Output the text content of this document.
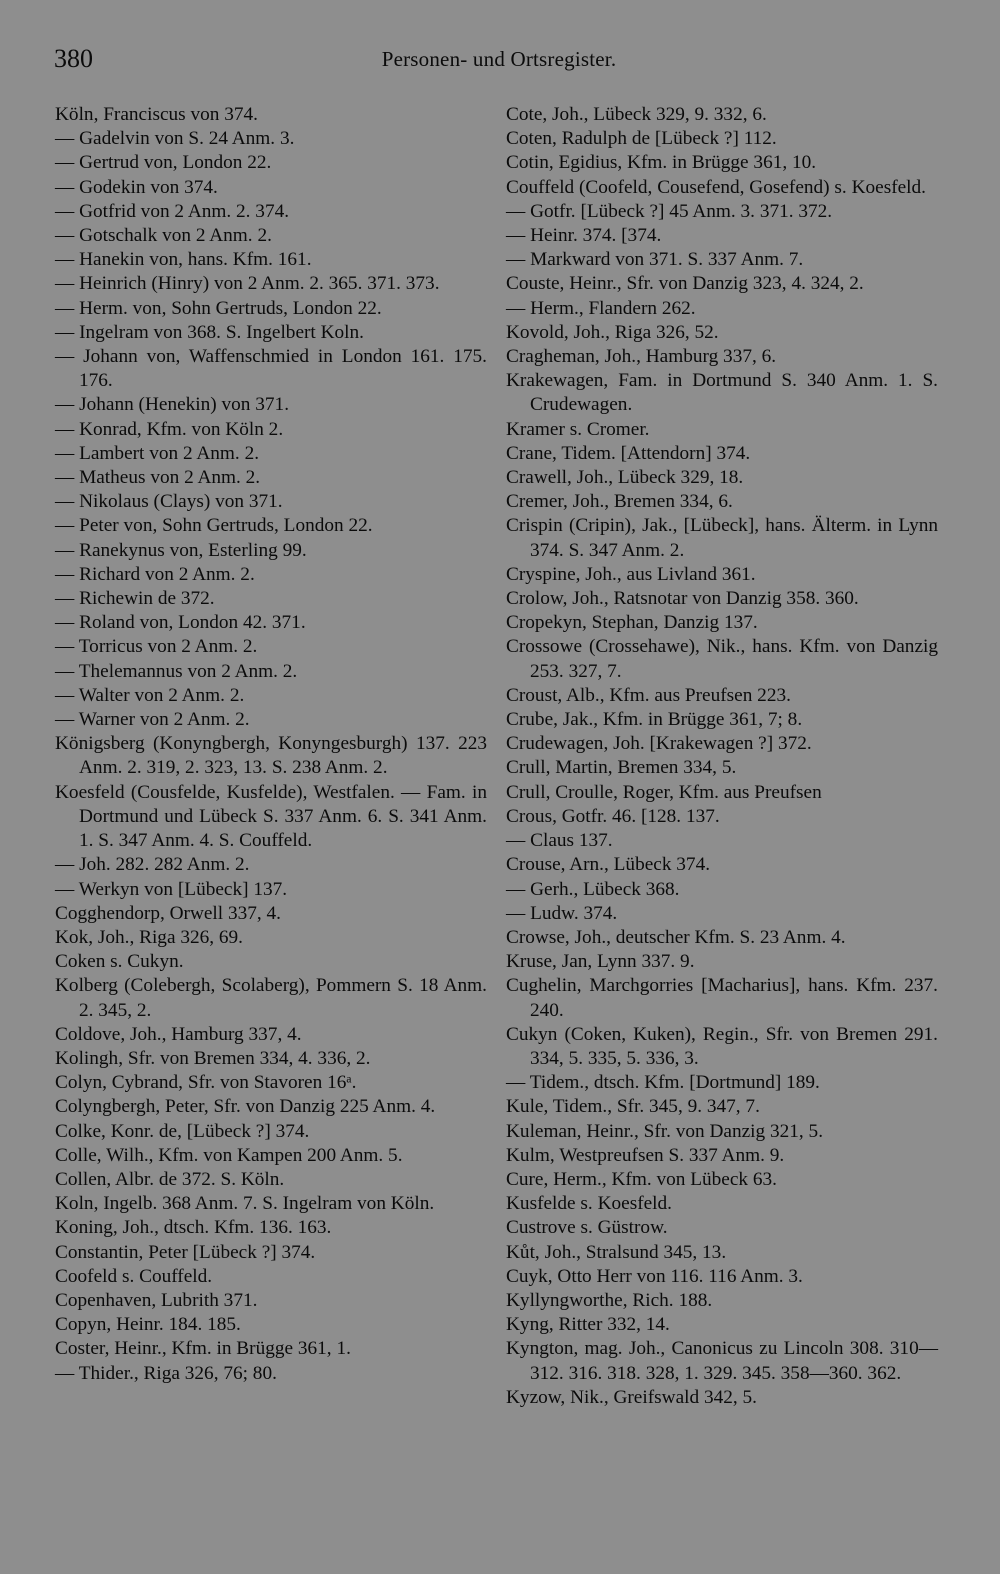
380	Personen- und Ortsregister.
Köln, Franciscus von 374.
— Gadelvin von S. 24 Anm. 3.
— Gertrud von, London 22.
— Godekin von 374.
— Gotfrid von 2 Anm. 2. 374.
— Gotschalk von 2 Anm. 2.
— Hanekin von, hans. Kfm. 161.
— Heinrich (Hinry) von 2 Anm. 2. 365. 371. 373.
— Herm. von, Sohn Gertruds, London 22.
— Ingelram von 368. S. Ingelbert Koln.
— Johann von, Waffenschmied in London 161. 175. 176.
— Johann (Henekin) von 371.
— Konrad, Kfm. von Köln 2.
— Lambert von 2 Anm. 2.
— Matheus von 2 Anm. 2.
— Nikolaus (Clays) von 371.
— Peter von, Sohn Gertruds, London 22.
— Ranekynus von, Esterling 99.
— Richard von 2 Anm. 2.
— Richewin de 372.
— Roland von, London 42. 371.
— Torricus von 2 Anm. 2.
— Thelemannus von 2 Anm. 2.
— Walter von 2 Anm. 2.
— Warner von 2 Anm. 2.
Königsberg (Konyngbergh, Konyngesburgh) 137. 223 Anm. 2. 319, 2. 323, 13. S. 238 Anm. 2.
Koesfeld (Cousfelde, Kusfelde), Westfalen. — Fam. in Dortmund und Lübeck S. 337 Anm. 6. S. 341 Anm. 1. S. 347 Anm. 4. S. Couffeld.
— Joh. 282. 282 Anm. 2.
— Werkyn von [Lübeck] 137.
Cogghendorp, Orwell 337, 4.
Kok, Joh., Riga 326, 69.
Coken s. Cukyn.
Kolberg (Colebergh, Scolaberg), Pommern S. 18 Anm. 2. 345, 2.
Coldove, Joh., Hamburg 337, 4.
Kolingh, Sfr. von Bremen 334, 4. 336, 2.
Colyn, Cybrand, Sfr. von Stavoren 16ᵃ.
Colyngbergh, Peter, Sfr. von Danzig 225 Anm. 4.
Colke, Konr. de, [Lübeck ?] 374.
Colle, Wilh., Kfm. von Kampen 200 Anm. 5.
Collen, Albr. de 372. S. Köln.
Koln, Ingelb. 368 Anm. 7. S. Ingelram von Köln.
Koning, Joh., dtsch. Kfm. 136. 163.
Constantin, Peter [Lübeck ?] 374.
Coofeld s. Couffeld.
Copenhaven, Lubrith 371.
Copyn, Heinr. 184. 185.
Coster, Heinr., Kfm. in Brügge 361, 1.
— Thider., Riga 326, 76; 80.
Cote, Joh., Lübeck 329, 9. 332, 6.
Coten, Radulph de [Lübeck ?] 112.
Cotin, Egidius, Kfm. in Brügge 361, 10.
Couffeld (Coofeld, Cousefend, Gosefend) s. Koesfeld.
— Gotfr. [Lübeck ?] 45 Anm. 3. 371. 372.
— Heinr. 374. [374.
— Markward von 371. S. 337 Anm. 7.
Couste, Heinr., Sfr. von Danzig 323, 4. 324, 2.
— Herm., Flandern 262.
Kovold, Joh., Riga 326, 52.
Cragheman, Joh., Hamburg 337, 6.
Krakewagen, Fam. in Dortmund S. 340 Anm. 1. S. Crudewagen.
Kramer s. Cromer.
Crane, Tidem. [Attendorn] 374.
Crawell, Joh., Lübeck 329, 18.
Cremer, Joh., Bremen 334, 6.
Crispin (Cripin), Jak., [Lübeck], hans. Älterm. in Lynn 374. S. 347 Anm. 2.
Cryspine, Joh., aus Livland 361.
Crolow, Joh., Ratsnotar von Danzig 358. 360.
Cropekyn, Stephan, Danzig 137.
Crossowe (Crossehawe), Nik., hans. Kfm. von Danzig 253. 327, 7.
Croust, Alb., Kfm. aus Preufsen 223.
Crube, Jak., Kfm. in Brügge 361, 7; 8.
Crudewagen, Joh. [Krakewagen ?] 372.
Crull, Martin, Bremen 334, 5.
Crull, Croulle, Roger, Kfm. aus Preufsen
Crous, Gotfr. 46. [128. 137.
— Claus 137.
Crouse, Arn., Lübeck 374.
— Gerh., Lübeck 368.
— Ludw. 374.
Crowse, Joh., deutscher Kfm. S. 23 Anm. 4.
Kruse, Jan, Lynn 337. 9.
Cughelin, Marchgorries [Macharius], hans. Kfm. 237. 240.
Cukyn (Coken, Kuken), Regin., Sfr. von Bremen 291. 334, 5. 335, 5. 336, 3.
— Tidem., dtsch. Kfm. [Dortmund] 189.
Kule, Tidem., Sfr. 345, 9. 347, 7.
Kuleman, Heinr., Sfr. von Danzig 321, 5.
Kulm, Westpreufsen S. 337 Anm. 9.
Cure, Herm., Kfm. von Lübeck 63.
Kusfelde s. Koesfeld.
Custrove s. Güstrow.
Kůt, Joh., Stralsund 345, 13.
Cuyk, Otto Herr von 116. 116 Anm. 3.
Kyllyngworthe, Rich. 188.
Kyng, Ritter 332, 14.
Kyngton, mag. Joh., Canonicus zu Lincoln 308. 310—312. 316. 318. 328, 1. 329. 345. 358—360. 362.
Kyzow, Nik., Greifswald 342, 5.
